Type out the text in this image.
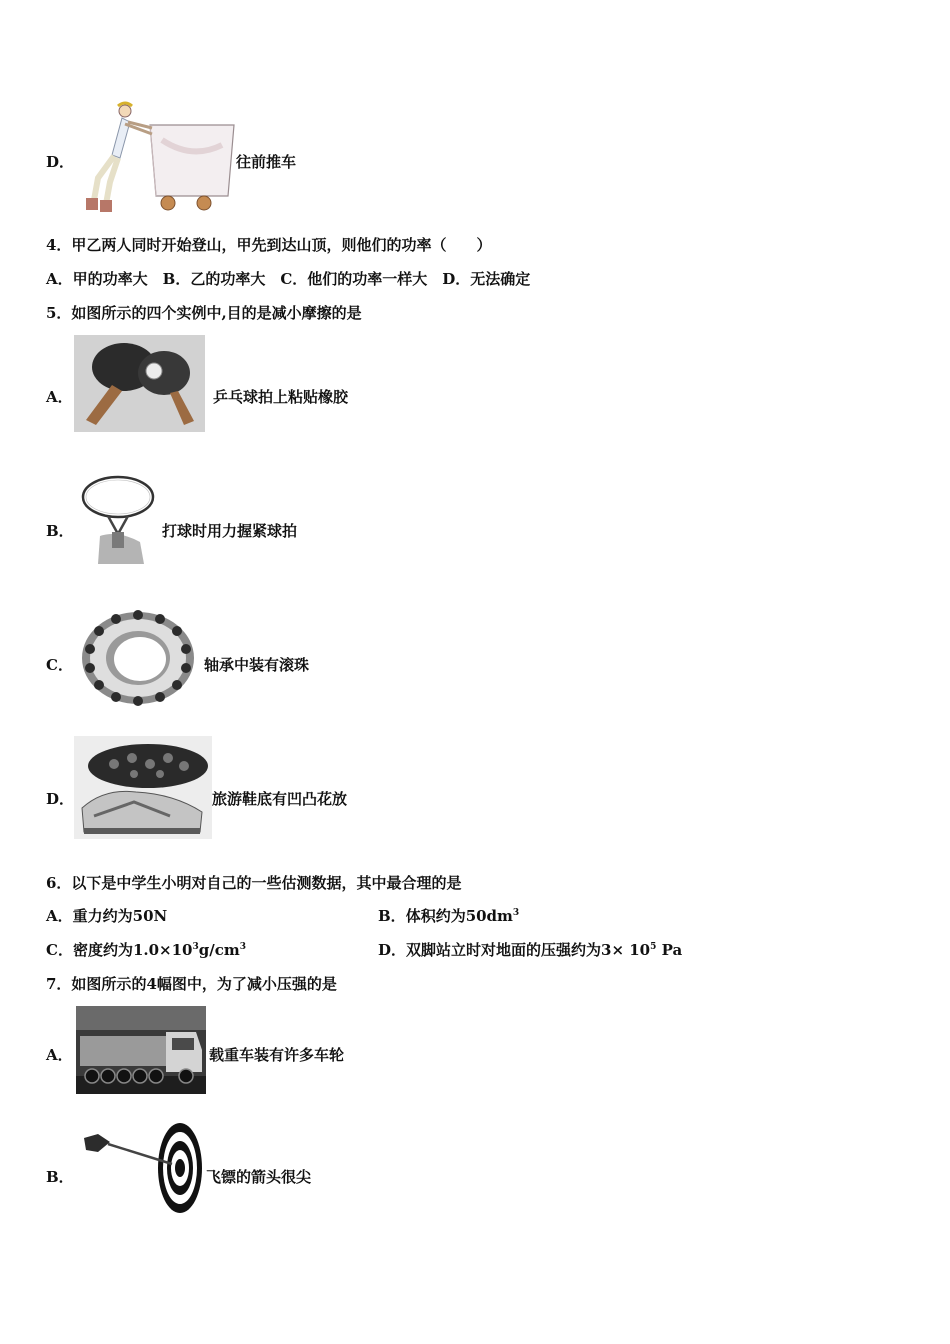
D．	往前推车
4．甲乙两人同时开始登山，甲先到达山顶，则他们的功率（　　）
A．甲的功率大　B．乙的功率大　C．他们的功率一样大　D．无法确定
5．如图所示的四个实例中,目的是减小摩擦的是
A．	乒乓球拍上粘贴橡胶
B．	打球时用力握紧球拍
C．	轴承中装有滚珠
D．	旅游鞋底有凹凸花放
6．以下是中学生小明对自己的一些估测数据，其中最合理的是
A．重力约为50N	B．体积约为$50dm^3$
C．密度约为$1.0\times 10^3g/cm^3$	D．双脚站立时对地面的压强约为$3\times 10^5$ Pa
7．如图所示的4幅图中，为了减小压强的是
A．	载重车装有许多车轮
B．	飞镖的箭头很尖
